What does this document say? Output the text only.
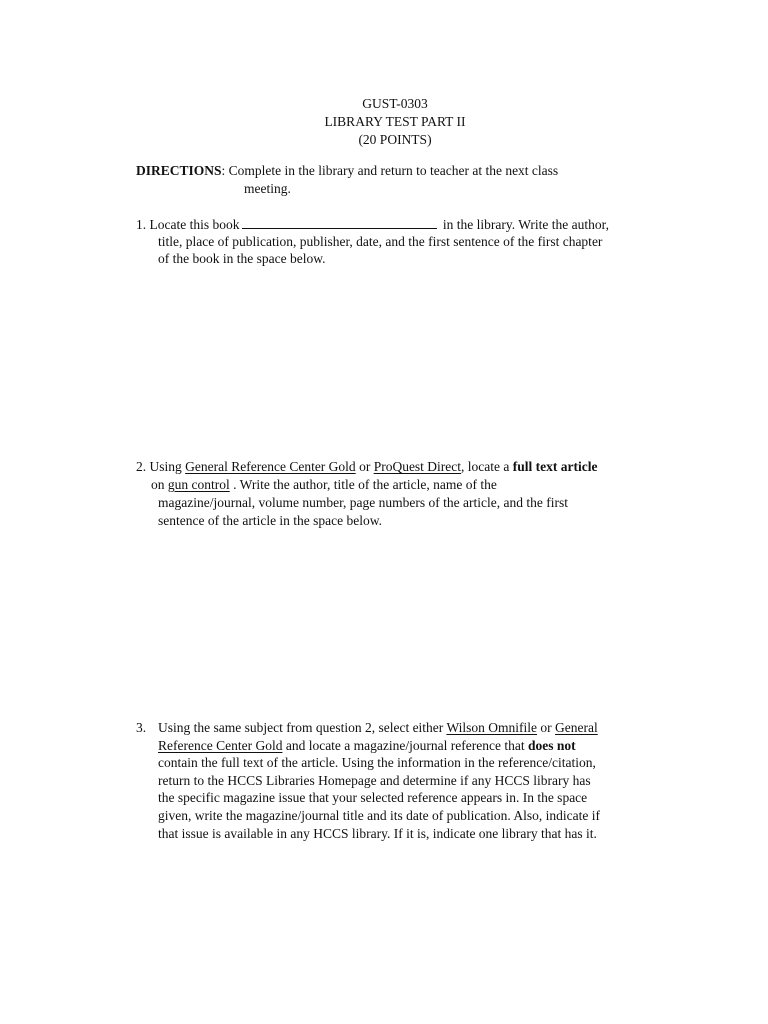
GUST-0303
LIBRARY TEST PART II
(20 POINTS)
DIRECTIONS: Complete in the library and return to teacher at the next class
meeting.
1. Locate this book	in the library. Write the author,
title, place of publication, publisher, date, and the first sentence of the first chapter
of the book in the space below.
2. Using General Reference Center Gold or ProQuest Direct, locate a full text article
on gun control . Write the author, title of the article, name of the
magazine/journal, volume number, page numbers of the article, and the first
sentence of the article in the space below.
3. Using the same subject from question 2, select either Wilson Omnifile or General
Reference Center Gold and locate a magazine/journal reference that does not
contain the full text of the article. Using the information in the reference/citation,
return to the HCCS Libraries Homepage and determine if any HCCS library has
the specific magazine issue that your selected reference appears in. In the space
given, write the magazine/journal title and its date of publication. Also, indicate if
that issue is available in any HCCS library. If it is, indicate one library that has it.
